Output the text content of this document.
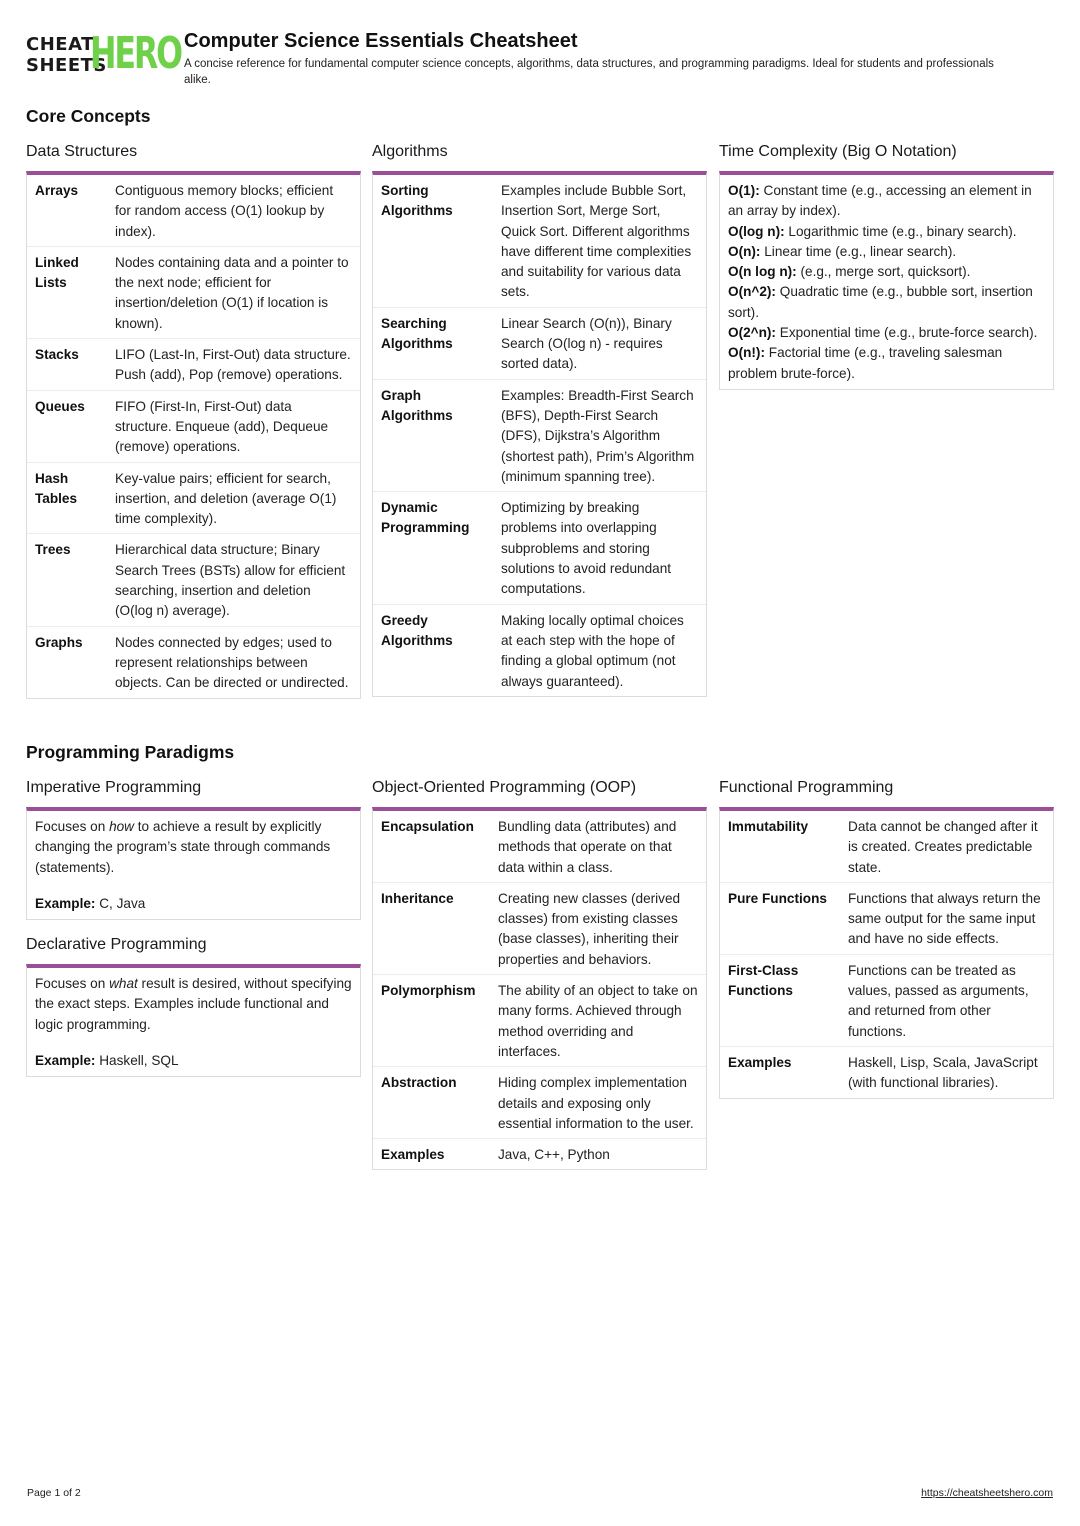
CHEAT
SHEETS
HERO Computer Science Essentials Cheatsheet
A concise reference for fundamental computer science concepts, algorithms, data structures, and programming paradigms. Ideal for students and professionals alike.
Core Concepts
Data Structures
Arrays	Contiguous memory blocks; efficient for random access (O(1) lookup by index).
Linked Lists	Nodes containing data and a pointer to the next node; efficient for insertion/deletion (O(1) if location is known).
Stacks	LIFO (Last-In, First-Out) data structure. Push (add), Pop (remove) operations.
Queues	FIFO (First-In, First-Out) data structure. Enqueue (add), Dequeue (remove) operations.
Hash Tables	Key-value pairs; efficient for search, insertion, and deletion (average O(1) time complexity).
Trees	Hierarchical data structure; Binary Search Trees (BSTs) allow for efficient searching, insertion and deletion (O(log n) average).
Graphs	Nodes connected by edges; used to represent relationships between objects. Can be directed or undirected.
Algorithms
Sorting Algorithms	Examples include Bubble Sort, Insertion Sort, Merge Sort, Quick Sort. Different algorithms have different time complexities and suitability for various data sets.
Searching Algorithms	Linear Search (O(n)), Binary Search (O(log n) - requires sorted data).
Graph Algorithms	Examples: Breadth-First Search (BFS), Depth-First Search (DFS), Dijkstra’s Algorithm (shortest path), Prim’s Algorithm (minimum spanning tree).
Dynamic Programming	Optimizing by breaking problems into overlapping subproblems and storing solutions to avoid redundant computations.
Greedy Algorithms	Making locally optimal choices at each step with the hope of finding a global optimum (not always guaranteed).
Time Complexity (Big O Notation)
O(1): Constant time (e.g., accessing an element in an array by index).
O(log n): Logarithmic time (e.g., binary search).
O(n): Linear time (e.g., linear search).
O(n log n): (e.g., merge sort, quicksort).
O(n^2): Quadratic time (e.g., bubble sort, insertion sort).
O(2^n): Exponential time (e.g., brute-force search).
O(n!): Factorial time (e.g., traveling salesman problem brute-force).
Programming Paradigms
Imperative Programming
Focuses on how to achieve a result by explicitly changing the program’s state through commands (statements).
Example: C, Java
Declarative Programming
Focuses on what result is desired, without specifying the exact steps. Examples include functional and logic programming.
Example: Haskell, SQL
Object-Oriented Programming (OOP)
Encapsulation	Bundling data (attributes) and methods that operate on that data within a class.
Inheritance	Creating new classes (derived classes) from existing classes (base classes), inheriting their properties and behaviors.
Polymorphism	The ability of an object to take on many forms. Achieved through method overriding and interfaces.
Abstraction	Hiding complex implementation details and exposing only essential information to the user.
Examples	Java, C++, Python
Functional Programming
Immutability	Data cannot be changed after it is created. Creates predictable state.
Pure Functions	Functions that always return the same output for the same input and have no side effects.
First-Class Functions	Functions can be treated as values, passed as arguments, and returned from other functions.
Examples	Haskell, Lisp, Scala, JavaScript (with functional libraries).
Page 1 of 2	https://cheatsheetshero.com
